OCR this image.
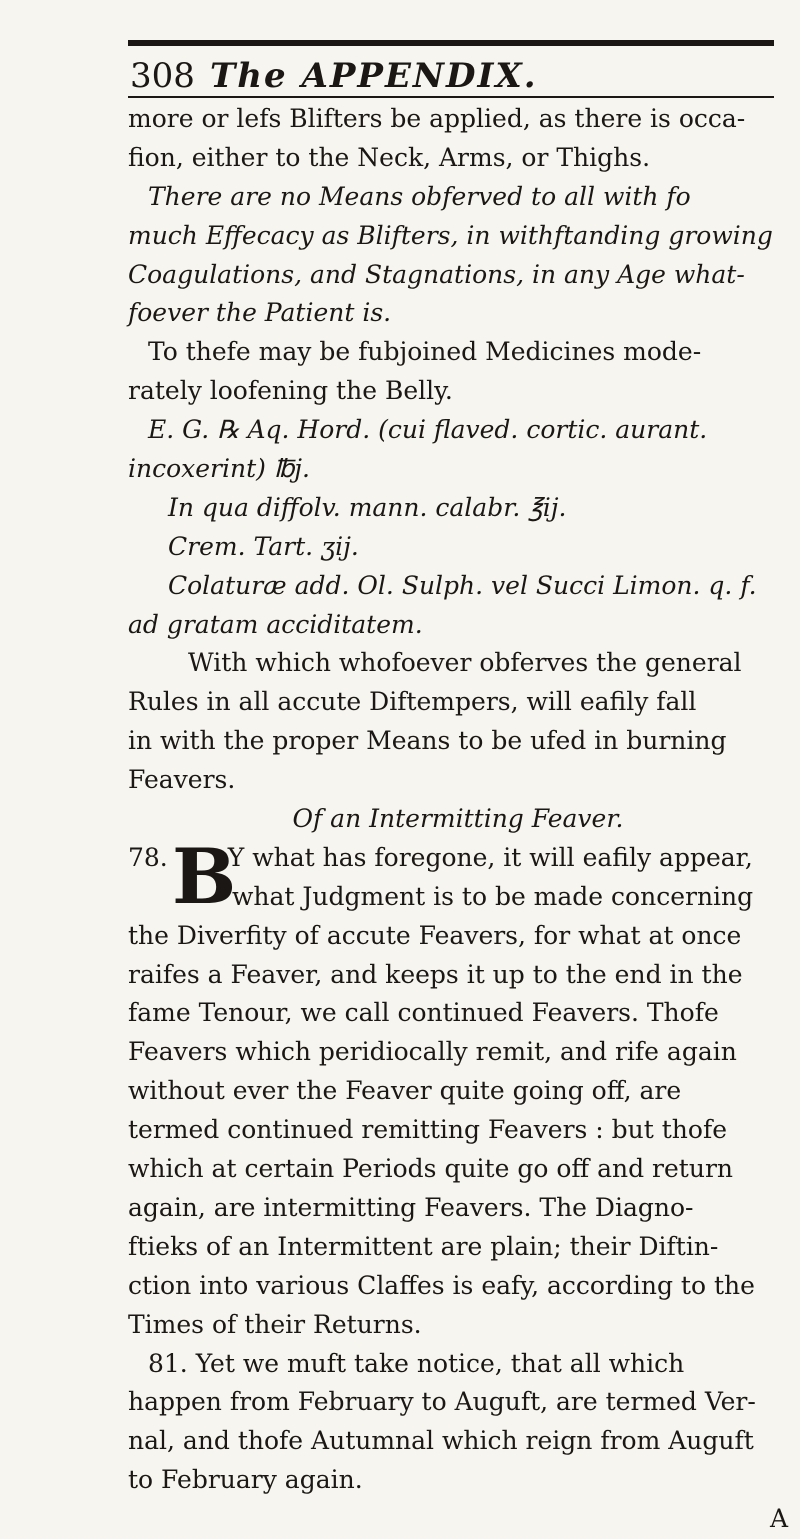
308 The APPENDIX.
more or lefs Blifters be applied, as there is occa-
fion, either to the Neck, Arms, or Thighs.
There are no Means obferved to all with fo
much Effecacy as Blifters, in withftanding growing
Coagulations, and Stagnations, in any Age what-
foever the Patient is.
To thefe may be fubjoined Medicines mode-
rately loofening the Belly.
E. G. ℞ Aq. Hord. (cui flaved. cortic. aurant.
incoxerint) ℔j.
In qua diffolv. mann. calabr. ℥ij.
Crem. Tart. ʒij.
Colaturæ add. Ol. Sulph. vel Succi Limon. q. f.
ad gratam acciditatem.
With which whofoever obferves the general
Rules in all accute Diftempers, will eafily fall
in with the proper Means to be ufed in burning
Feavers.
Of an Intermitting Feaver.
78. B
Y what has foregone, it will eafily appear,
what Judgment is to be made concerning
the Diverfity of accute Feavers, for what at once
raifes a Feaver, and keeps it up to the end in the
fame Tenour, we call continued Feavers. Thofe
Feavers which peridiocally remit, and rife again
without ever the Feaver quite going off, are
termed continued remitting Feavers : but thofe
which at certain Periods quite go off and return
again, are intermitting Feavers. The Diagno-
ftieks of an Intermittent are plain; their Diftin-
ction into various Claffes is eafy, according to the
Times of their Returns.
81. Yet we muft take notice, that all which
happen from February to Auguft, are termed Ver-
nal, and thofe Autumnal which reign from Auguft
to February again.
A
